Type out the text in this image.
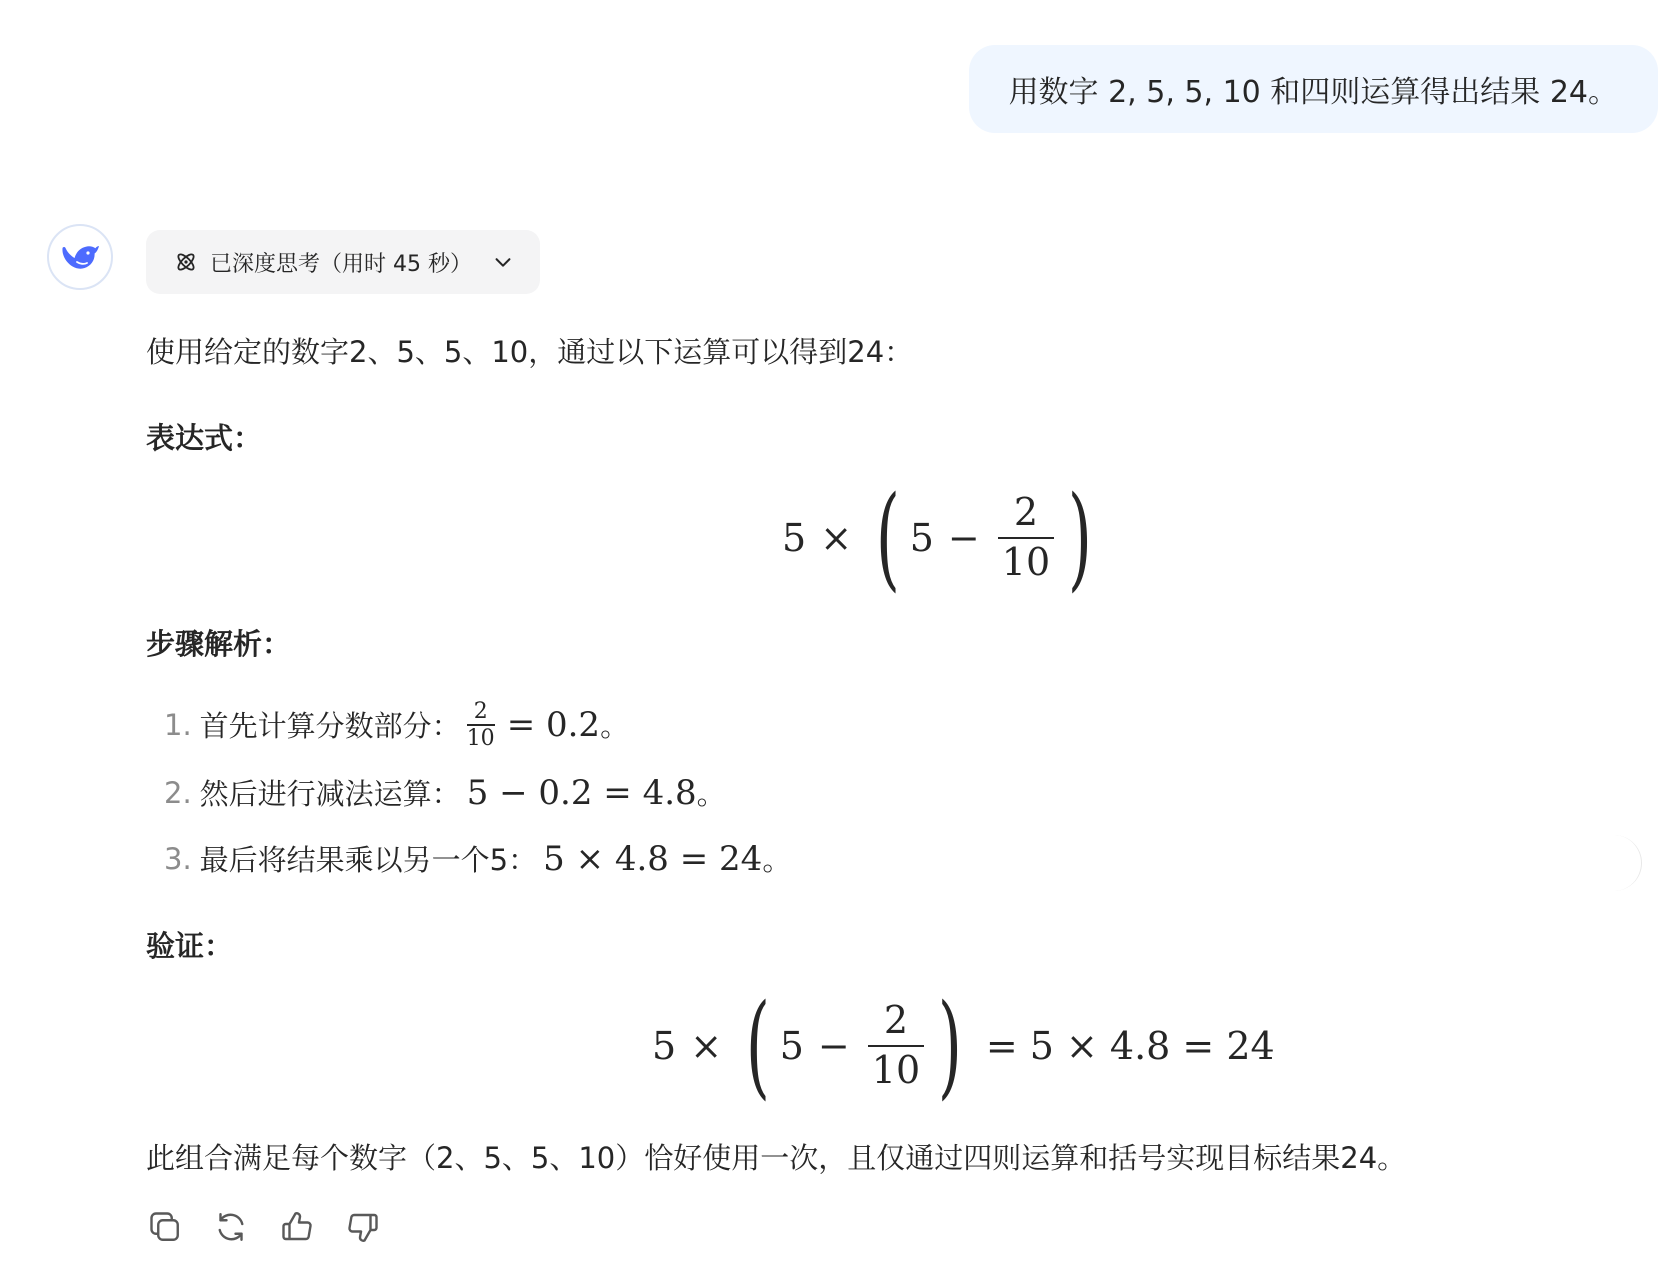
用数字 2, 5, 5, 10 和四则运算得出结果 24。
已深度思考（用时 45 秒）
使用给定的数字2、5、5、10，通过以下运算可以得到24：
表达式：
5 × ( $5 - \frac{2}{10}$ )
步骤解析：
1. 首先计算分数部分： $\frac{2}{10} = 0.2$ 。
2. 然后进行减法运算： 5 − 0.2 = 4.8 。
3. 最后将结果乘以另一个5： 5 × 4.8 = 24 。
验证：
5 × ( $5 - \frac{2}{10}$ ) = 5 × 4.8 = 24
此组合满足每个数字（2、5、5、10）恰好使用一次，且仅通过四则运算和括号实现目标结果24。
